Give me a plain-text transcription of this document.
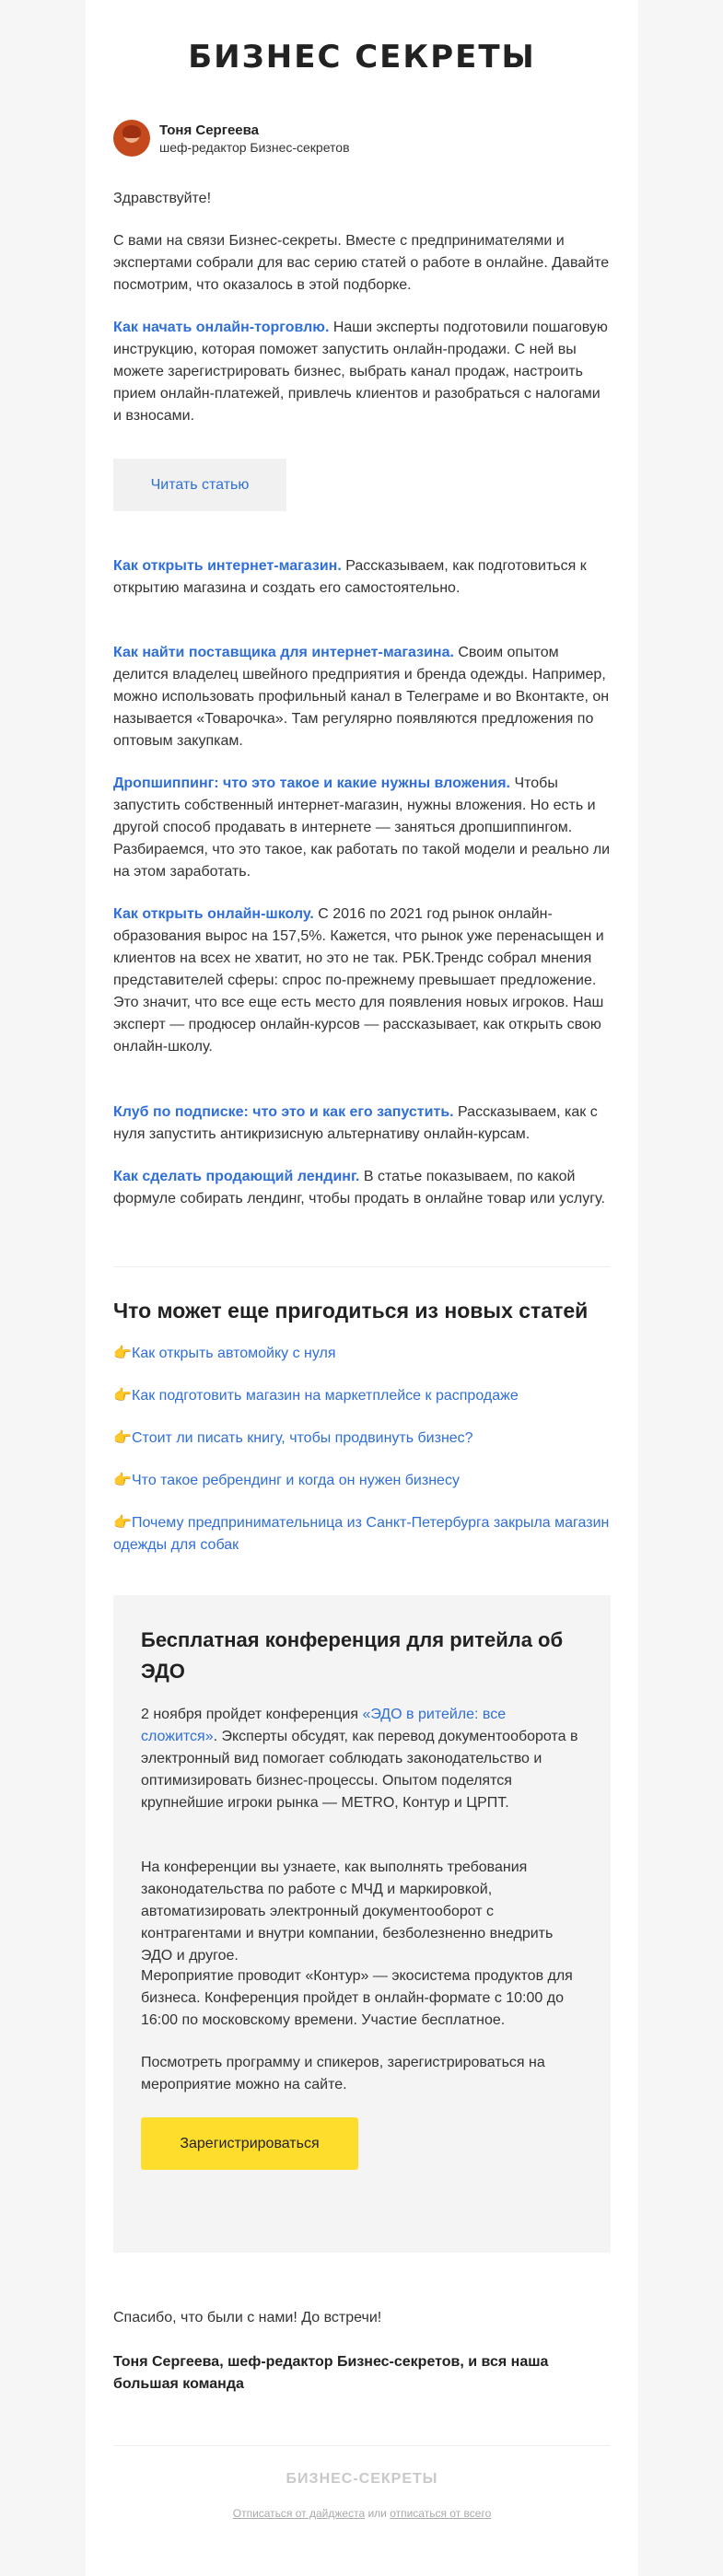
БИЗНЕС СЕКРЕТЫ
Тоня Сергеева
шеф-редактор Бизнес-секретов

Здравствуйте!

С вами на связи Бизнес-секреты. Вместе с предпринимателями и экспертами собрали для вас серию статей о работе в онлайне. Давайте посмотрим, что оказалось в этой подборке.

Как начать онлайн-торговлю. Наши эксперты подготовили пошаговую инструкцию, которая поможет запустить онлайн-продажи. С ней вы можете зарегистрировать бизнес, выбрать канал продаж, настроить прием онлайн-платежей, привлечь клиентов и разобраться с налогами и взносами.

Читать статью

Как открыть интернет-магазин. Рассказываем, как подготовиться к открытию магазина и создать его самостоятельно.

Как найти поставщика для интернет-магазина. Своим опытом делится владелец швейного предприятия и бренда одежды. Например, можно использовать профильный канал в Телеграме и во Вконтакте, он называется «Товарочка». Там регулярно появляются предложения по оптовым закупкам.

Дропшиппинг: что это такое и какие нужны вложения. Чтобы запустить собственный интернет-магазин, нужны вложения. Но есть и другой способ продавать в интернете — заняться дропшиппингом. Разбираемся, что это такое, как работать по такой модели и реально ли на этом заработать.

Как открыть онлайн-школу. С 2016 по 2021 год рынок онлайн-образования вырос на 157,5%. Кажется, что рынок уже перенасыщен и клиентов на всех не хватит, но это не так. РБК.Трендс собрал мнения представителей сферы: спрос по-прежнему превышает предложение. Это значит, что все еще есть место для появления новых игроков. Наш эксперт — продюсер онлайн-курсов — рассказывает, как открыть свою онлайн-школу.

Клуб по подписке: что это и как его запустить. Рассказываем, как с нуля запустить антикризисную альтернативу онлайн-курсам.

Как сделать продающий лендинг. В статье показываем, по какой формуле собирать лендинг, чтобы продать в онлайне товар или услугу.

Что может еще пригодиться из новых статей
👉Как открыть автомойку с нуля
👉Как подготовить магазин на маркетплейсе к распродаже
👉Стоит ли писать книгу, чтобы продвинуть бизнес?
👉Что такое ребрендинг и когда он нужен бизнесу
👉Почему предпринимательница из Санкт-Петербурга закрыла магазин одежды для собак
Бесплатная конференция для ритейла об ЭДО

2 ноября пройдет конференция «ЭДО в ритейле: все сложится». Эксперты обсудят, как перевод документооборота в электронный вид помогает соблюдать законодательство и оптимизировать бизнес-процессы. Опытом поделятся крупнейшие игроки рынка — METRO, Контур и ЦРПТ.

На конференции вы узнаете, как выполнять требования законодательства по работе с МЧД и маркировкой, автоматизировать электронный документооборот с контрагентами и внутри компании, безболезненно внедрить ЭДО и другое.

Мероприятие проводит «Контур» — экосистема продуктов для бизнеса. Конференция пройдет в онлайн-формате с 10:00 до 16:00 по московскому времени. Участие бесплатное.

Посмотреть программу и спикеров, зарегистрироваться на мероприятие можно на сайте.

Зарегистрироваться

Спасибо, что были с нами! До встречи!

Тоня Сергеева, шеф-редактор Бизнес-секретов, и вся наша большая команда

БИЗНЕС-СЕКРЕТЫ
Отписаться от дайджеста или отписаться от всего
